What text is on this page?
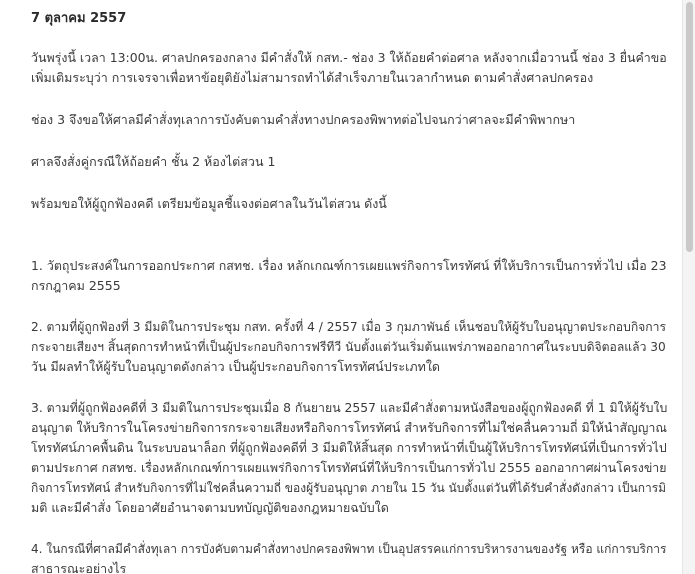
7 ตุลาคม 2557

วันพรุ่งนี้ เวลา 13:00น. ศาลปกครองกลาง มีคำสั่งให้ กสท.- ช่อง 3 ให้ถ้อยคำต่อศาล หลังจากเมื่อวานนี้ ช่อง 3 ยื่นคำขอ
เพิ่มเติมระบุว่า การเจรจาเพื่อหาข้อยุติยังไม่สามารถทำได้สำเร็จภายในเวลากำหนด ตามคำสั่งศาลปกครอง

ช่อง 3 จึงขอให้ศาลมีคำสั่งทุเลาการบังคับตามคำสั่งทางปกครองพิพาทต่อไปจนกว่าศาลจะมีคำพิพากษา

ศาลจึงสั่งคู่กรณีให้ถ้อยคำ ชั้น 2 ห้องไต่สวน 1

พร้อมขอให้ผู้ถูกฟ้องคดี เตรียมข้อมูลชี้แจงต่อศาลในวันไต่สวน ดังนี้

1. วัตถุประสงค์ในการออกประกาศ กสทช. เรื่อง หลักเกณฑ์การเผยแพร่กิจการโทรทัศน์ ที่ให้บริการเป็นการทั่วไป เมื่อ 23
กรกฎาคม 2555

2. ตามที่ผู้ถูกฟ้องที่ 3 มีมติในการประชุม กสท. ครั้งที่ 4 / 2557 เมื่อ 3 กุมภาพันธ์ เห็นชอบให้ผู้รับใบอนุญาตประกอบกิจการ
กระจายเสียงฯ สิ้นสุดการทำหน้าที่เป็นผู้ประกอบกิจการฟรีทีวี นับตั้งแต่วันเริ่มต้นแพร่ภาพออกอากาศในระบบดิจิตอลแล้ว 30
วัน มีผลทำให้ผู้รับใบอนุญาตดังกล่าว เป็นผู้ประกอบกิจการโทรทัศน์ประเภทใด

3. ตามที่ผู้ถูกฟ้องคดีที่ 3 มีมติในการประชุมเมื่อ 8 กันยายน 2557 และมีคำสั่งตามหนังสือของผู้ถูกฟ้องคดี ที่ 1 มิให้ผู้รับใบ
อนุญาต ให้บริการในโครงข่ายกิจการกระจายเสียงหรือกิจการโทรทัศน์ สำหรับกิจการที่ไม่ใช่คลื่นความถี่ มิให้นำสัญญาณ
โทรทัศน์ภาคพื้นดิน ในระบบอนาล็อก ที่ผู้ถูกฟ้องคดีที่ 3 มีมติให้สิ้นสุด การทำหน้าที่เป็นผู้ให้บริการโทรทัศน์ที่เป็นการทั่วไป
ตามประกาศ กสทช. เรื่องหลักเกณฑ์การเผยแพร่กิจการโทรทัศน์ที่ให้บริการเป็นการทั่วไป 2555 ออกอากาศผ่านโครงข่าย
กิจการโทรทัศน์ สำหรับกิจการที่ไม่ใช่คลื่นความถี่ ของผู้รับอนุญาต ภายใน 15 วัน นับตั้งแต่วันที่ได้รับคำสั่งดังกล่าว เป็นการมิ
มติ และมีคำสั่ง โดยอาศัยอำนาจตามบทบัญญัติของกฎหมายฉบับใด

4. ในกรณีที่ศาลมีคำสั่งทุเลา การบังคับตามคำสั่งทางปกครองพิพาท เป็นอุปสรรคแก่การบริหารงานของรัฐ หรือ แก่การบริการ
สาธารณะอย่างไร
